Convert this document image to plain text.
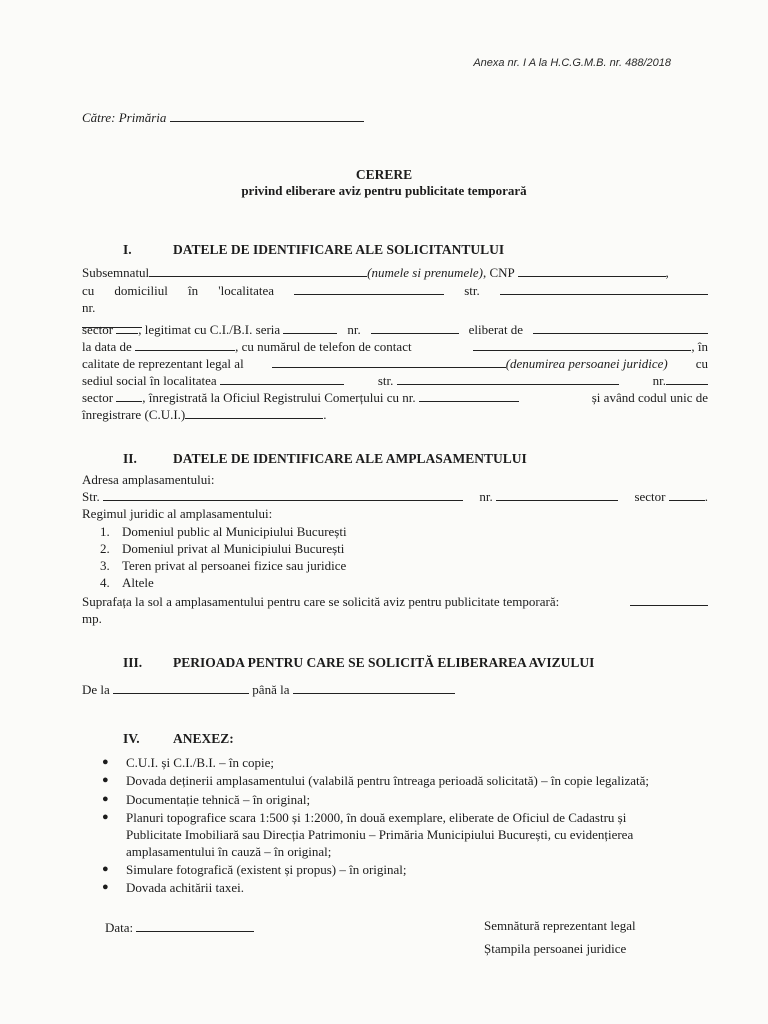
Anexa nr. I A la H.C.G.M.B. nr. 488/2018
Către: Primăria
CERERE
privind eliberare aviz pentru publicitate temporară
I.	DATELE DE IDENTIFICARE ALE SOLICITANTULUI
Subsemnatul	(numele si prenumele), CNP	,
cu domiciliul în 'localitatea	str.
nr.

sector , legitimat cu C.I./B.I. seria	nr.	eliberat de
la data de	, cu numărul de telefon de contact	, în
calitate de reprezentant legal al	(denumirea persoanei juridice) cu
sediul social în localitatea	str.	nr.
sector , înregistrată la Oficiul Registrului Comerțului cu nr.	și având codul unic de
înregistrare (C.U.I.)	.
II.	DATELE DE IDENTIFICARE ALE AMPLASAMENTULUI
Adresa amplasamentului:
Str.	nr.	sector	.
Regimul juridic al amplasamentului:
1. Domeniul public al Municipiului București
2. Domeniul privat al Municipiului București
3. Teren privat al persoanei fizice sau juridice
4. Altele
Suprafața la sol a amplasamentului pentru care se solicită aviz pentru publicitate temporară:
mp.
III. PERIOADA PENTRU CARE SE SOLICITĂ ELIBERAREA AVIZULUI
De la	până la
IV. ANEXEZ:
● C.U.I. și C.I./B.I. – în copie;
● Dovada deținerii amplasamentului (valabilă pentru întreaga perioadă solicitată) – în copie legalizată;
● Documentație tehnică – în original;
● Planuri topografice scara 1:500 și 1:2000, în două exemplare, eliberate de Oficiul de Cadastru și
Publicitate Imobiliară sau Direcția Patrimoniu – Primăria Municipiului București, cu evidențierea
amplasamentului în cauză – în original;
● Simulare fotografică (existent și propus) – în original;
● Dovada achitării taxei.
Data:	Semnătură reprezentant legal
Ștampila persoanei juridice
